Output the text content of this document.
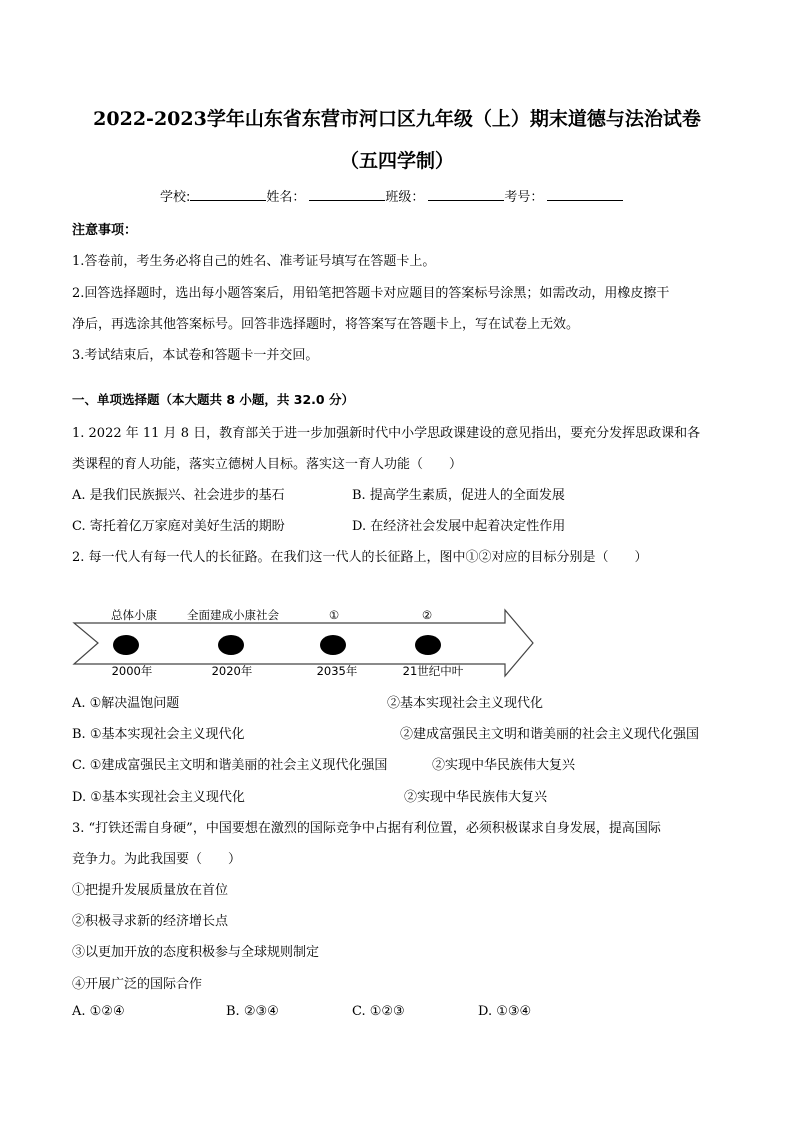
2022-2023学年山东省东营市河口区九年级（上）期末道德与法治试卷
（五四学制）
学校:	姓名：	班级：	考号：
注意事项：
1.答卷前，考生务必将自己的姓名、准考证号填写在答题卡上。
2.回答选择题时，选出每小题答案后，用铅笔把答题卡对应题目的答案标号涂黑；如需改动，用橡皮擦干
净后，再选涂其他答案标号。回答非选择题时，将答案写在答题卡上，写在试卷上无效。
3.考试结束后，本试卷和答题卡一并交回。
一、单项选择题（本大题共 8 小题，共 32.0 分）
1. 2022 年 11 月 8 日，教育部关于进一步加强新时代中小学思政课建设的意见指出，要充分发挥思政课和各
类课程的育人功能，落实立德树人目标。落实这一育人功能（　　）
A. 是我们民族振兴、社会进步的基石	B. 提高学生素质，促进人的全面发展
C. 寄托着亿万家庭对美好生活的期盼	D. 在经济社会发展中起着决定性作用
2. 每一代人有每一代人的长征路。在我们这一代人的长征路上，图中①②对应的目标分别是（　　）
总体小康	全面建成小康社会	①	②
2000年	2020年	2035年	21世纪中叶
A. ①解决温饱问题	②基本实现社会主义现代化
B. ①基本实现社会主义现代化	②建成富强民主文明和谐美丽的社会主义现代化强国
C. ①建成富强民主文明和谐美丽的社会主义现代化强国	②实现中华民族伟大复兴
D. ①基本实现社会主义现代化	②实现中华民族伟大复兴
3. “打铁还需自身硬”，中国要想在激烈的国际竞争中占据有利位置，必须积极谋求自身发展，提高国际
竞争力。为此我国要（　　）
①把提升发展质量放在首位
②积极寻求新的经济增长点
③以更加开放的态度积极参与全球规则制定
④开展广泛的国际合作
A. ①②④	B. ②③④	C. ①②③	D. ①③④
